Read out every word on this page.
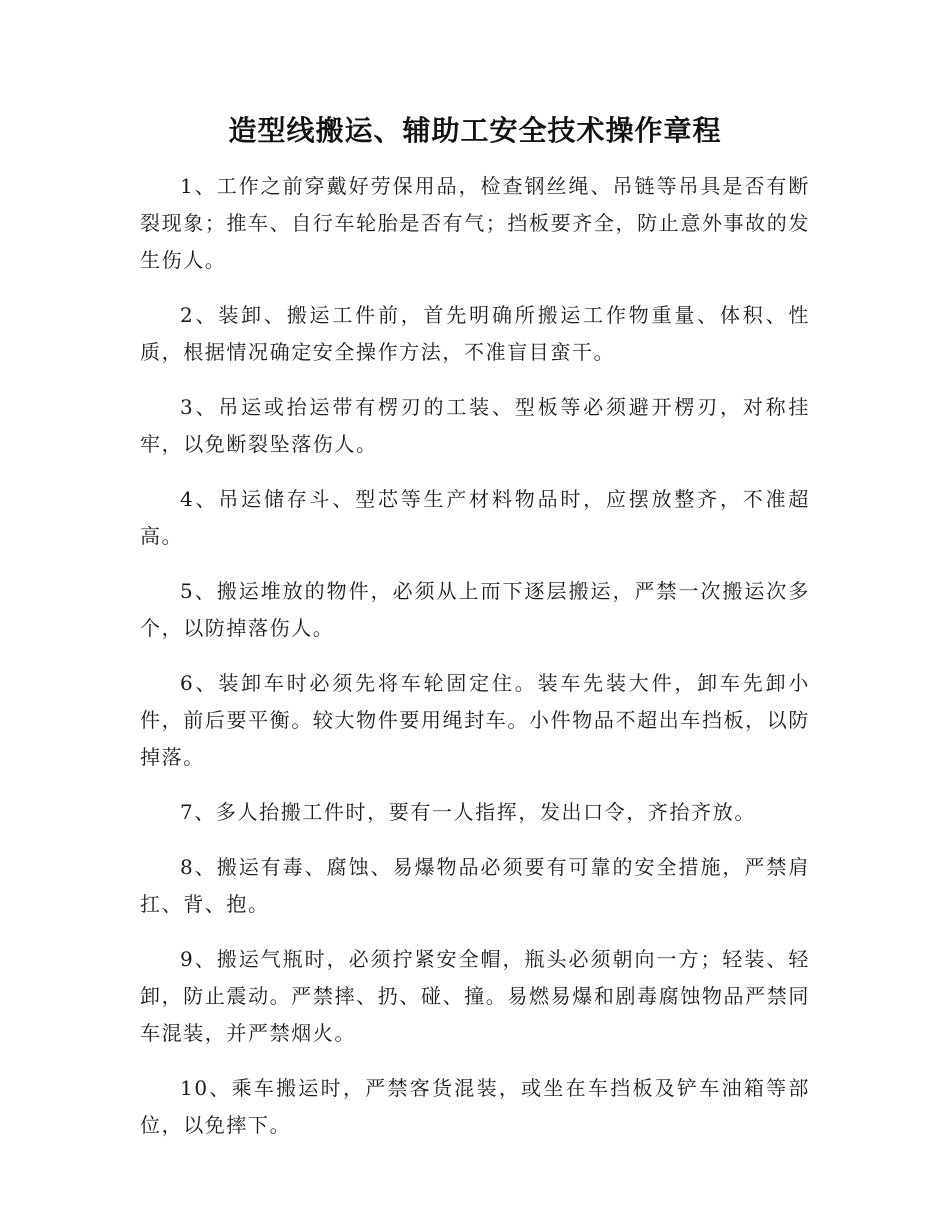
造型线搬运、辅助工安全技术操作章程

1、工作之前穿戴好劳保用品，检查钢丝绳、吊链等吊具是否有断裂现象；推车、自行车轮胎是否有气；挡板要齐全，防止意外事故的发生伤人。

2、装卸、搬运工件前，首先明确所搬运工作物重量、体积、性质，根据情况确定安全操作方法，不准盲目蛮干。

3、吊运或抬运带有楞刃的工装、型板等必须避开楞刃，对称挂牢，以免断裂坠落伤人。

4、吊运储存斗、型芯等生产材料物品时，应摆放整齐，不准超高。

5、搬运堆放的物件，必须从上而下逐层搬运，严禁一次搬运次多个，以防掉落伤人。

6、装卸车时必须先将车轮固定住。装车先装大件，卸车先卸小件，前后要平衡。较大物件要用绳封车。小件物品不超出车挡板，以防掉落。

7、多人抬搬工件时，要有一人指挥，发出口令，齐抬齐放。

8、搬运有毒、腐蚀、易爆物品必须要有可靠的安全措施，严禁肩扛、背、抱。

9、搬运气瓶时，必须拧紧安全帽，瓶头必须朝向一方；轻装、轻卸，防止震动。严禁摔、扔、碰、撞。易燃易爆和剧毒腐蚀物品严禁同车混装，并严禁烟火。

10、乘车搬运时，严禁客货混装，或坐在车挡板及铲车油箱等部位，以免摔下。
